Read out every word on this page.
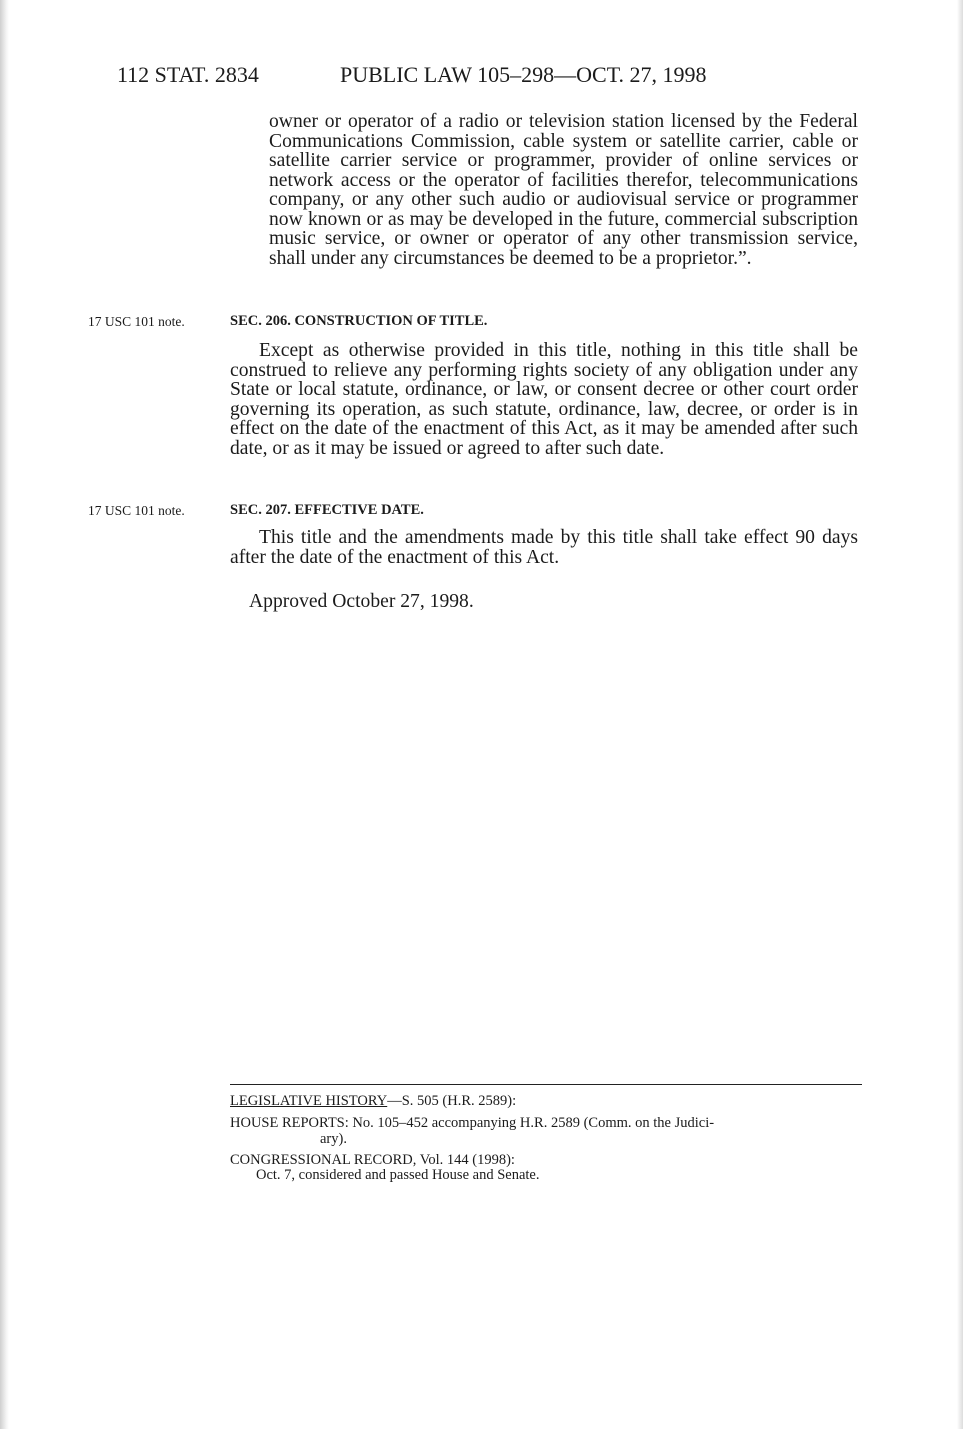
112 STAT. 2834	PUBLIC LAW 105–298—OCT. 27, 1998
owner or operator of a radio or television station licensed by the Federal Communications Commission, cable system or satellite carrier, cable or satellite carrier service or programmer, provider of online services or network access or the operator of facilities therefor, telecommunications company, or any other such audio or audiovisual service or programmer now known or as may be developed in the future, commercial subscription music service, or owner or operator of any other transmission service, shall under any circumstances be deemed to be a proprietor.”.
17 USC 101 note.	SEC. 206. CONSTRUCTION OF TITLE.
Except as otherwise provided in this title, nothing in this title shall be construed to relieve any performing rights society of any obligation under any State or local statute, ordinance, or law, or consent decree or other court order governing its operation, as such statute, ordinance, law, decree, or order is in effect on the date of the enactment of this Act, as it may be amended after such date, or as it may be issued or agreed to after such date.
17 USC 101 note.	SEC. 207. EFFECTIVE DATE.
This title and the amendments made by this title shall take effect 90 days after the date of the enactment of this Act.
Approved October 27, 1998.
LEGISLATIVE HISTORY—S. 505 (H.R. 2589):
HOUSE REPORTS: No. 105–452 accompanying H.R. 2589 (Comm. on the Judici-
ary).
CONGRESSIONAL RECORD, Vol. 144 (1998):
Oct. 7, considered and passed House and Senate.
